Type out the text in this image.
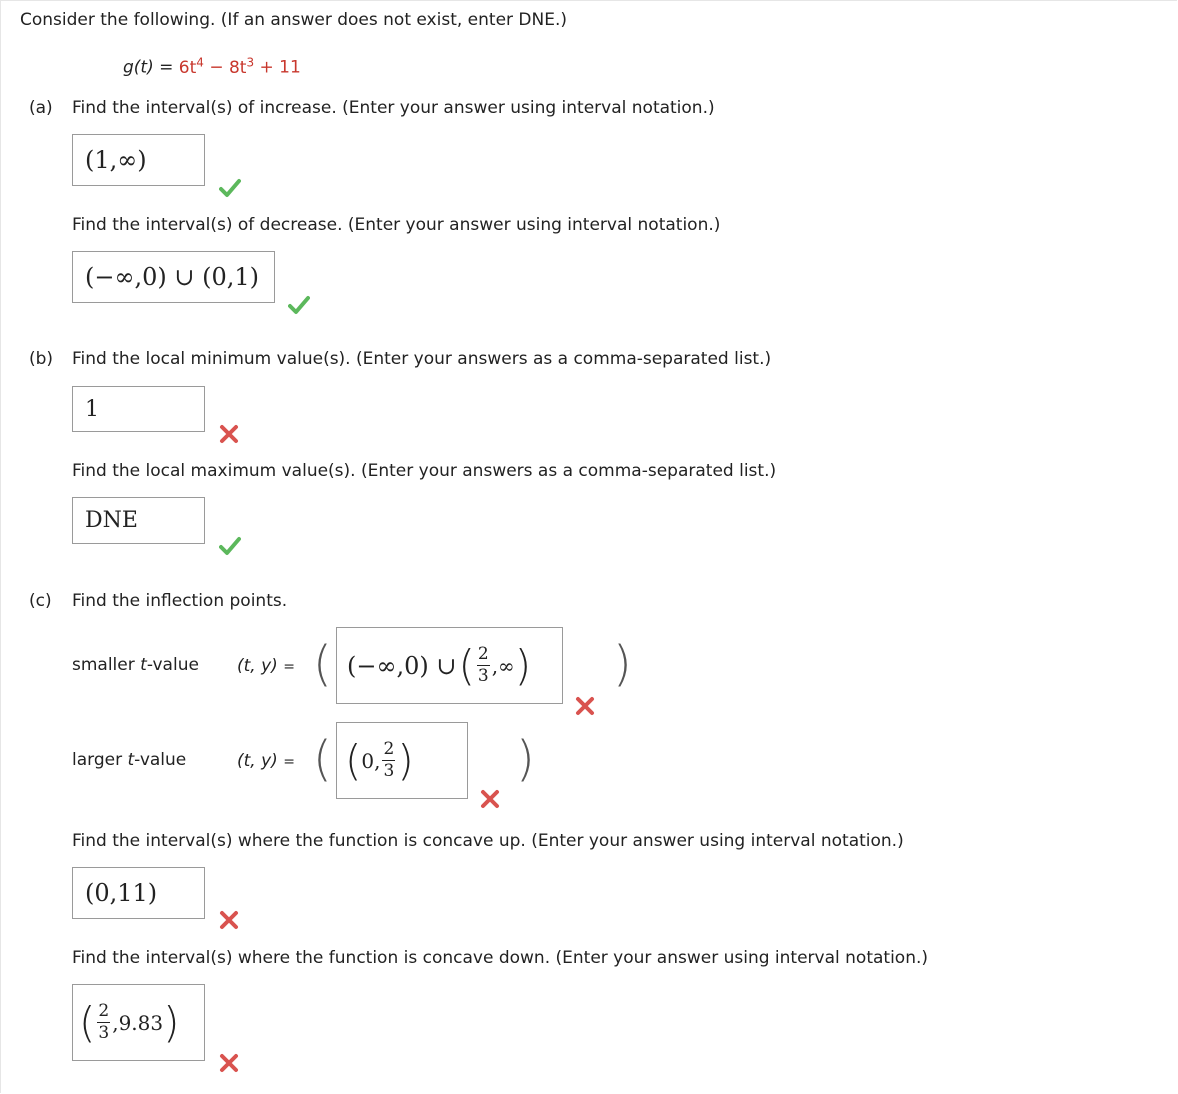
Consider the following. (If an answer does not exist, enter DNE.)
$g(t) = 6t^4 - 8t^3 + 11$
(a) Find the interval(s) of increase. (Enter your answer using interval notation.)
(1,∞)
Find the interval(s) of decrease. (Enter your answer using interval notation.)
(−∞,0) ∪ (0,1)
(b) Find the local minimum value(s). (Enter your answers as a comma-separated list.)
1
Find the local maximum value(s). (Enter your answers as a comma-separated list.)
DNE
(c) Find the inflection points.
smaller t-value (t, y) = ( (−∞,0) ∪ ( $\frac{2}{3}$ ,∞ ) )
larger t-value	(t, y) = ( ( 0, $\frac{2}{3}$ ) )
Find the interval(s) where the function is concave up. (Enter your answer using interval notation.)
(0,11)
Find the interval(s) where the function is concave down. (Enter your answer using interval notation.)
( $\frac{2}{3} ,9.83$ )
